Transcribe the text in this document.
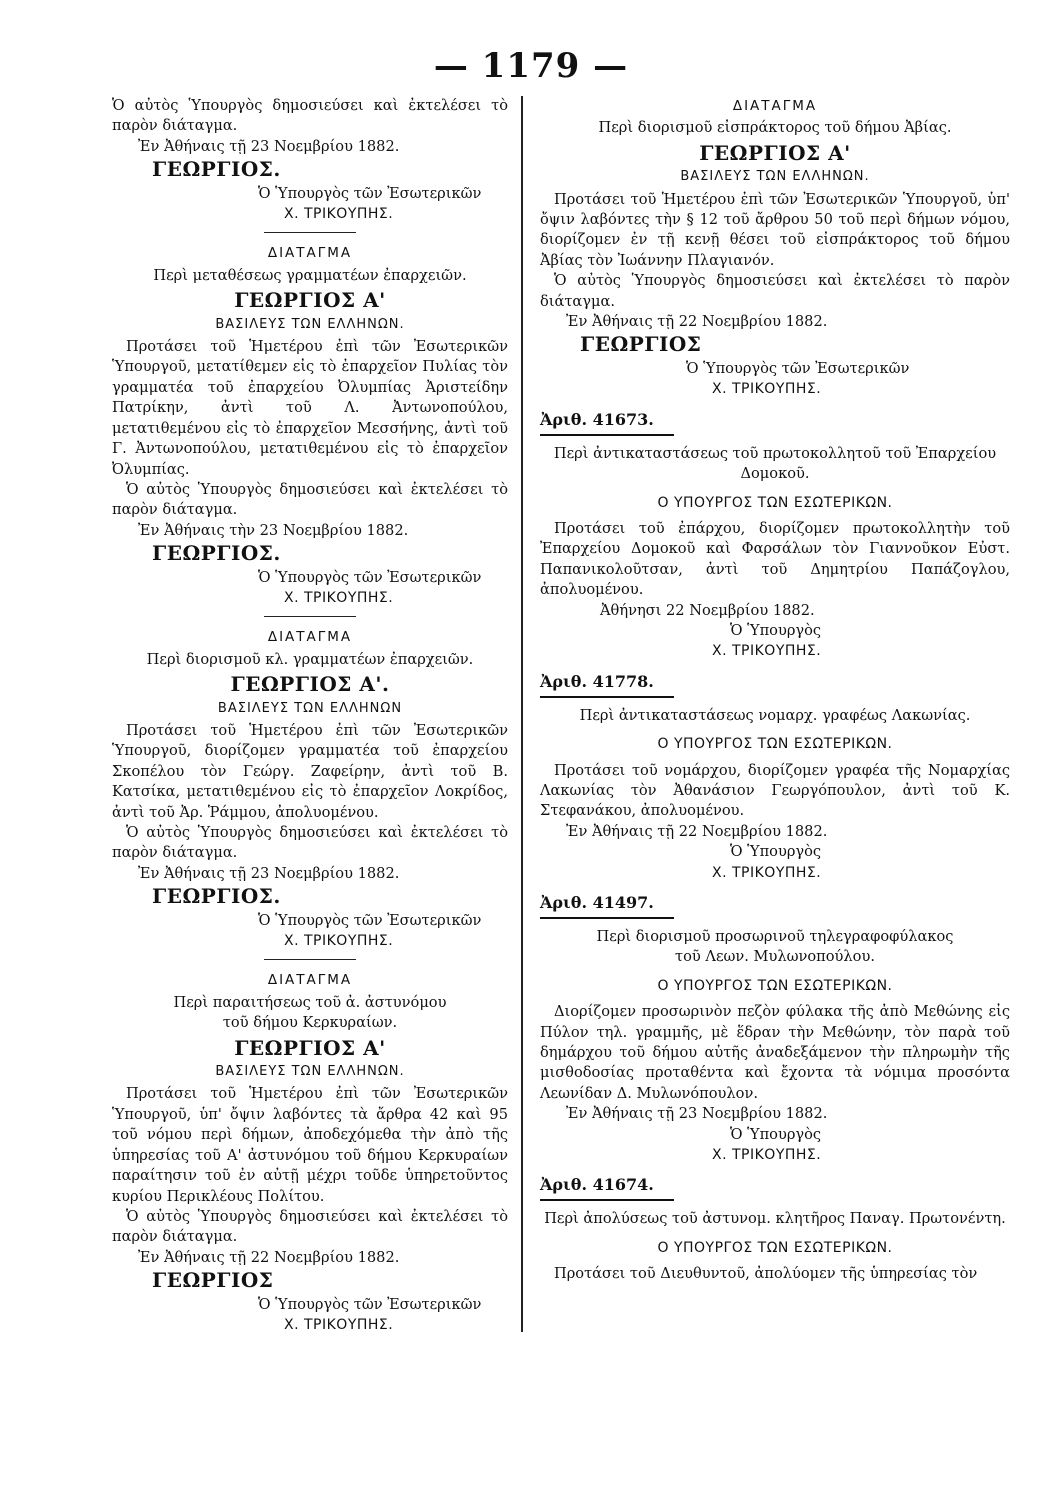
— 1179 —

Ὁ αὐτὸς Ὑπουργὸς δημοσιεύσει καὶ ἐκτελέσει τὸ παρὸν διάταγμα.

Ἐν Ἀθήναις τῇ 23 Νοεμβρίου 1882.

ΓΕΩΡΓΙΟΣ.

Ὁ Ὑπουργὸς τῶν Ἐσωτερικῶν

Χ. ΤΡΙΚΟΥΠΗΣ.

ΔΙΑΤΑΓΜΑ

Περὶ μεταθέσεως γραμματέων ἐπαρχειῶν.

ΓΕΩΡΓΙΟΣ Α'

ΒΑΣΙΛΕΥΣ ΤΩΝ ΕΛΛΗΝΩΝ.

Προτάσει τοῦ Ἡμετέρου ἐπὶ τῶν Ἐσωτερικῶν Ὑπουργοῦ, μετατίθεμεν εἰς τὸ ἐπαρχεῖον Πυλίας τὸν γραμματέα τοῦ ἐπαρχείου Ὀλυμπίας Ἀριστείδην Πατρίκην, ἀντὶ τοῦ Λ. Ἀντωνοπούλου, μετατιθεμένου εἰς τὸ ἐπαρχεῖον Μεσσήνης, ἀντὶ τοῦ Γ. Ἀντωνοπούλου, μετατιθεμένου εἰς τὸ ἐπαρχεῖον Ὀλυμπίας.

Ὁ αὐτὸς Ὑπουργὸς δημοσιεύσει καὶ ἐκτελέσει τὸ παρὸν διάταγμα.

Ἐν Ἀθήναις τὴν 23 Νοεμβρίου 1882.

ΓΕΩΡΓΙΟΣ.

Ὁ Ὑπουργὸς τῶν Ἐσωτερικῶν

Χ. ΤΡΙΚΟΥΠΗΣ.

ΔΙΑΤΑΓΜΑ

Περὶ διορισμοῦ κλ. γραμματέων ἐπαρχειῶν.

ΓΕΩΡΓΙΟΣ Α'.

ΒΑΣΙΛΕΥΣ ΤΩΝ ΕΛΛΗΝΩΝ

Προτάσει τοῦ Ἡμετέρου ἐπὶ τῶν Ἐσωτερικῶν Ὑπουργοῦ, διορίζομεν γραμματέα τοῦ ἐπαρχείου Σκοπέλου τὸν Γεώργ. Ζαφείρην, ἀντὶ τοῦ Β. Κατσίκα, μετατιθεμένου εἰς τὸ ἐπαρχεῖον Λοκρίδος, ἀντὶ τοῦ Ἀρ. Ῥάμμου, ἀπολυομένου.

Ὁ αὐτὸς Ὑπουργὸς δημοσιεύσει καὶ ἐκτελέσει τὸ παρὸν διάταγμα.

Ἐν Ἀθήναις τῇ 23 Νοεμβρίου 1882.

ΓΕΩΡΓΙΟΣ.

Ὁ Ὑπουργὸς τῶν Ἐσωτερικῶν

Χ. ΤΡΙΚΟΥΠΗΣ.

ΔΙΑΤΑΓΜΑ

Περὶ παραιτήσεως τοῦ ἀ. ἀστυνόμου

τοῦ δήμου Κερκυραίων.

ΓΕΩΡΓΙΟΣ Α'

ΒΑΣΙΛΕΥΣ ΤΩΝ ΕΛΛΗΝΩΝ.

Προτάσει τοῦ Ἡμετέρου ἐπὶ τῶν Ἐσωτερικῶν Ὑπουργοῦ, ὑπ' ὄψιν λαβόντες τὰ ἄρθρα 42 καὶ 95 τοῦ νόμου περὶ δήμων, ἀποδεχόμεθα τὴν ἀπὸ τῆς ὑπηρεσίας τοῦ Α' ἀστυνόμου τοῦ δήμου Κερκυραίων παραίτησιν τοῦ ἐν αὐτῇ μέχρι τοῦδε ὑπηρετοῦντος κυρίου Περικλέους Πολίτου.

Ὁ αὐτὸς Ὑπουργὸς δημοσιεύσει καὶ ἐκτελέσει τὸ παρὸν διάταγμα.

Ἐν Ἀθήναις τῇ 22 Νοεμβρίου 1882.

ΓΕΩΡΓΙΟΣ

Ὁ Ὑπουργὸς τῶν Ἐσωτερικῶν

Χ. ΤΡΙΚΟΥΠΗΣ.

ΔΙΑΤΑΓΜΑ

Περὶ διορισμοῦ εἰσπράκτορος τοῦ δήμου Ἀβίας.

ΓΕΩΡΓΙΟΣ Α'

ΒΑΣΙΛΕΥΣ ΤΩΝ ΕΛΛΗΝΩΝ.

Προτάσει τοῦ Ἡμετέρου ἐπὶ τῶν Ἐσωτερικῶν Ὑπουργοῦ, ὑπ' ὄψιν λαβόντες τὴν § 12 τοῦ ἄρθρου 50 τοῦ περὶ δήμων νόμου, διορίζομεν ἐν τῇ κενῇ θέσει τοῦ εἰσπράκτορος τοῦ δήμου Ἀβίας τὸν Ἰωάννην Πλαγιανόν.

Ὁ αὐτὸς Ὑπουργὸς δημοσιεύσει καὶ ἐκτελέσει τὸ παρὸν διάταγμα.

Ἐν Ἀθήναις τῇ 22 Νοεμβρίου 1882.

ΓΕΩΡΓΙΟΣ

Ὁ Ὑπουργὸς τῶν Ἐσωτερικῶν

Χ. ΤΡΙΚΟΥΠΗΣ.

Ἀριθ. 41673.

Περὶ ἀντικαταστάσεως τοῦ πρωτοκολλητοῦ τοῦ Ἐπαρχείου Δομοκοῦ.

Ο ΥΠΟΥΡΓΟΣ ΤΩΝ ΕΣΩΤΕΡΙΚΩΝ.

Προτάσει τοῦ ἐπάρχου, διορίζομεν πρωτοκολλητὴν τοῦ Ἐπαρχείου Δομοκοῦ καὶ Φαρσάλων τὸν Γιαννοῦκον Εὐστ. Παπανικολοῦτσαν, ἀντὶ τοῦ Δημητρίου Παπάζογλου, ἀπολυομένου.

Ἀθήνησι 22 Νοεμβρίου 1882.

Ὁ Ὑπουργὸς

Χ. ΤΡΙΚΟΥΠΗΣ.

Ἀριθ. 41778.

Περὶ ἀντικαταστάσεως νομαρχ. γραφέως Λακωνίας.

Ο ΥΠΟΥΡΓΟΣ ΤΩΝ ΕΣΩΤΕΡΙΚΩΝ.

Προτάσει τοῦ νομάρχου, διορίζομεν γραφέα τῆς Νομαρχίας Λακωνίας τὸν Ἀθανάσιον Γεωργόπουλον, ἀντὶ τοῦ Κ. Στεφανάκου, ἀπολυομένου.

Ἐν Ἀθήναις τῇ 22 Νοεμβρίου 1882.

Ὁ Ὑπουργὸς

Χ. ΤΡΙΚΟΥΠΗΣ.

Ἀριθ. 41497.

Περὶ διορισμοῦ προσωρινοῦ τηλεγραφοφύλακος

τοῦ Λεων. Μυλωνοπούλου.

Ο ΥΠΟΥΡΓΟΣ ΤΩΝ ΕΣΩΤΕΡΙΚΩΝ.

Διορίζομεν προσωρινὸν πεζὸν φύλακα τῆς ἀπὸ Μεθώνης εἰς Πύλον τηλ. γραμμῆς, μὲ ἕδραν τὴν Μεθώνην, τὸν παρὰ τοῦ δημάρχου τοῦ δήμου αὐτῆς ἀναδεξάμενον τὴν πληρωμὴν τῆς μισθοδοσίας προταθέντα καὶ ἔχοντα τὰ νόμιμα προσόντα Λεωνίδαν Δ. Μυλωνόπουλον.

Ἐν Ἀθήναις τῇ 23 Νοεμβρίου 1882.

Ὁ Ὑπουργὸς

Χ. ΤΡΙΚΟΥΠΗΣ.

Ἀριθ. 41674.

Περὶ ἀπολύσεως τοῦ ἀστυνομ. κλητῆρος Παναγ. Πρωτονέντη.

Ο ΥΠΟΥΡΓΟΣ ΤΩΝ ΕΣΩΤΕΡΙΚΩΝ.

Προτάσει τοῦ Διευθυντοῦ, ἀπολύομεν τῆς ὑπηρεσίας τὸν
